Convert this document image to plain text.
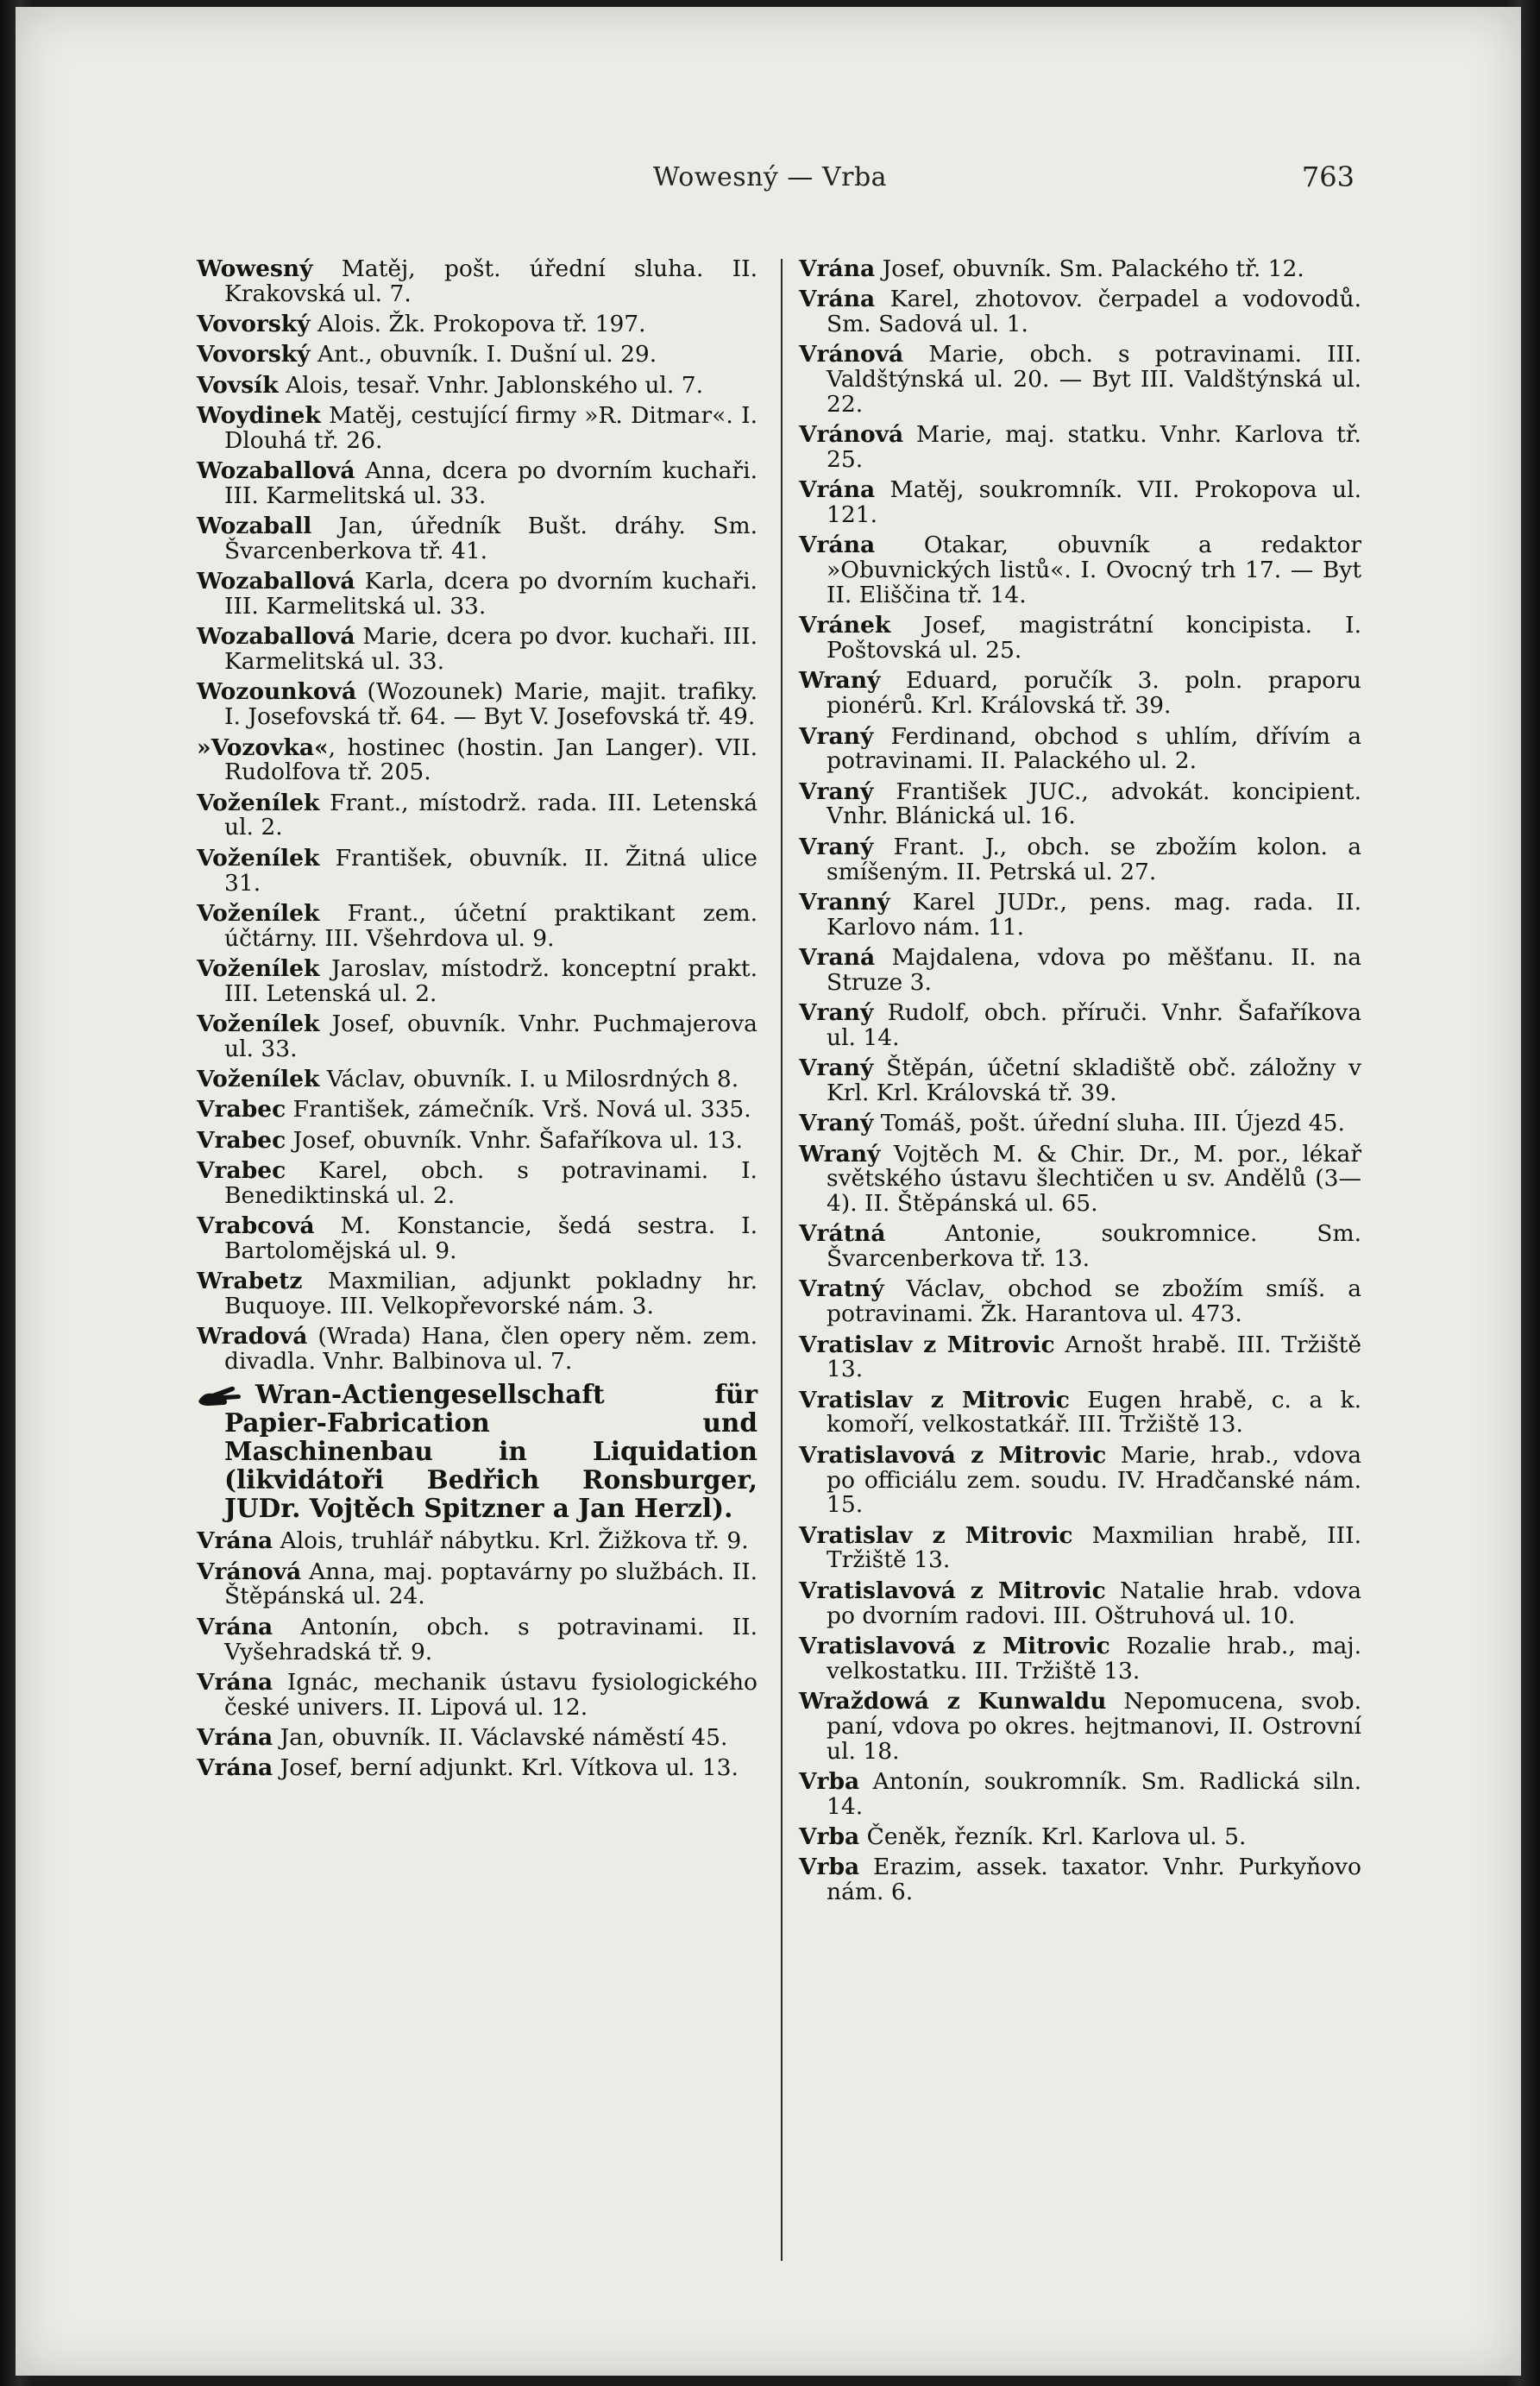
Wowesný — Vrba	763

Wowesný Matěj, pošt. úřední sluha. II. Krakovská ul. 7.

Vovorský Alois. Žk. Prokopova tř. 197.

Vovorský Ant., obuvník. I. Dušní ul. 29.

Vovsík Alois, tesař. Vnhr. Jablonského ul. 7.

Woydinek Matěj, cestující firmy »R. Ditmar«. I. Dlouhá tř. 26.

Wozaballová Anna, dcera po dvorním kuchaři. III. Karmelitská ul. 33.

Wozaball Jan, úředník Bušt. dráhy. Sm. Švarcenberkova tř. 41.

Wozaballová Karla, dcera po dvorním kuchaři. III. Karmelitská ul. 33.

Wozaballová Marie, dcera po dvor. kuchaři. III. Karmelitská ul. 33.

Wozounková (Wozounek) Marie, majit. trafiky. I. Josefovská tř. 64. — Byt V. Josefovská tř. 49.

»Vozovka«, hostinec (hostin. Jan Langer). VII. Rudolfova tř. 205.

Voženílek Frant., místodrž. rada. III. Letenská ul. 2.

Voženílek František, obuvník. II. Žitná ulice 31.

Voženílek Frant., účetní praktikant zem. účtárny. III. Všehrdova ul. 9.

Voženílek Jaroslav, místodrž. konceptní prakt. III. Letenská ul. 2.

Voženílek Josef, obuvník. Vnhr. Puchmajerova ul. 33.

Voženílek Václav, obuvník. I. u Milosrdných 8.

Vrabec František, zámečník. Vrš. Nová ul. 335.

Vrabec Josef, obuvník. Vnhr. Šafaříkova ul. 13.

Vrabec Karel, obch. s potravinami. I. Benediktinská ul. 2.

Vrabcová M. Konstancie, šedá sestra. I. Bartolomějská ul. 9.

Wrabetz Maxmilian, adjunkt pokladny hr. Buquoye. III. Velkopřevorské nám. 3.

Wradová (Wrada) Hana, člen opery něm. zem. divadla. Vnhr. Balbinova ul. 7.

Wran-Actiengesellschaft für Papier-Fabrication und Maschinenbau in Liquidation (likvidátoři Bedřich Ronsburger, JUDr. Vojtěch Spitzner a Jan Herzl).

Vrána Alois, truhlář nábytku. Krl. Žižkova tř. 9.

Vránová Anna, maj. poptavárny po službách. II. Štěpánská ul. 24.

Vrána Antonín, obch. s potravinami. II. Vyšehradská tř. 9.

Vrána Ignác, mechanik ústavu fysiologického české univers. II. Lipová ul. 12.

Vrána Jan, obuvník. II. Václavské náměstí 45.

Vrána Josef, berní adjunkt. Krl. Vítkova ul. 13.

Vrána Josef, obuvník. Sm. Palackého tř. 12.

Vrána Karel, zhotovov. čerpadel a vodovodů. Sm. Sadová ul. 1.

Vránová Marie, obch. s potravinami. III. Valdštýnská ul. 20. — Byt III. Valdštýnská ul. 22.

Vránová Marie, maj. statku. Vnhr. Karlova tř. 25.

Vrána Matěj, soukromník. VII. Prokopova ul. 121.

Vrána Otakar, obuvník a redaktor »Obuvnických listů«. I. Ovocný trh 17. — Byt II. Eliščina tř. 14.

Vránek Josef, magistrátní koncipista. I. Poštovská ul. 25.

Wraný Eduard, poručík 3. poln. praporu pionérů. Krl. Královská tř. 39.

Vraný Ferdinand, obchod s uhlím, dřívím a potravinami. II. Palackého ul. 2.

Vraný František JUC., advokát. koncipient. Vnhr. Blánická ul. 16.

Vraný Frant. J., obch. se zbožím kolon. a smíšeným. II. Petrská ul. 27.

Vranný Karel JUDr., pens. mag. rada. II. Karlovo nám. 11.

Vraná Majdalena, vdova po měšťanu. II. na Struze 3.

Vraný Rudolf, obch. příruči. Vnhr. Šafaříkova ul. 14.

Vraný Štěpán, účetní skladiště obč. záložny v Krl. Krl. Královská tř. 39.

Vraný Tomáš, pošt. úřední sluha. III. Újezd 45.

Wraný Vojtěch M. & Chir. Dr., M. por., lékař světského ústavu šlechtičen u sv. Andělů (3—4). II. Štěpánská ul. 65.

Vrátná Antonie, soukromnice. Sm. Švarcenberkova tř. 13.

Vratný Václav, obchod se zbožím smíš. a potravinami. Žk. Harantova ul. 473.

Vratislav z Mitrovic Arnošt hrabě. III. Tržiště 13.

Vratislav z Mitrovic Eugen hrabě, c. a k. komoří, velkostatkář. III. Tržiště 13.

Vratislavová z Mitrovic Marie, hrab., vdova po officiálu zem. soudu. IV. Hradčanské nám. 15.

Vratislav z Mitrovic Maxmilian hrabě, III. Tržiště 13.

Vratislavová z Mitrovic Natalie hrab. vdova po dvorním radovi. III. Oštruhová ul. 10.

Vratislavová z Mitrovic Rozalie hrab., maj. velkostatku. III. Tržiště 13.

Wraždowá z Kunwaldu Nepomucena, svob. paní, vdova po okres. hejtmanovi, II. Ostrovní ul. 18.

Vrba Antonín, soukromník. Sm. Radlická siln. 14.

Vrba Čeněk, řezník. Krl. Karlova ul. 5.

Vrba Erazim, assek. taxator. Vnhr. Purkyňovo nám. 6.
